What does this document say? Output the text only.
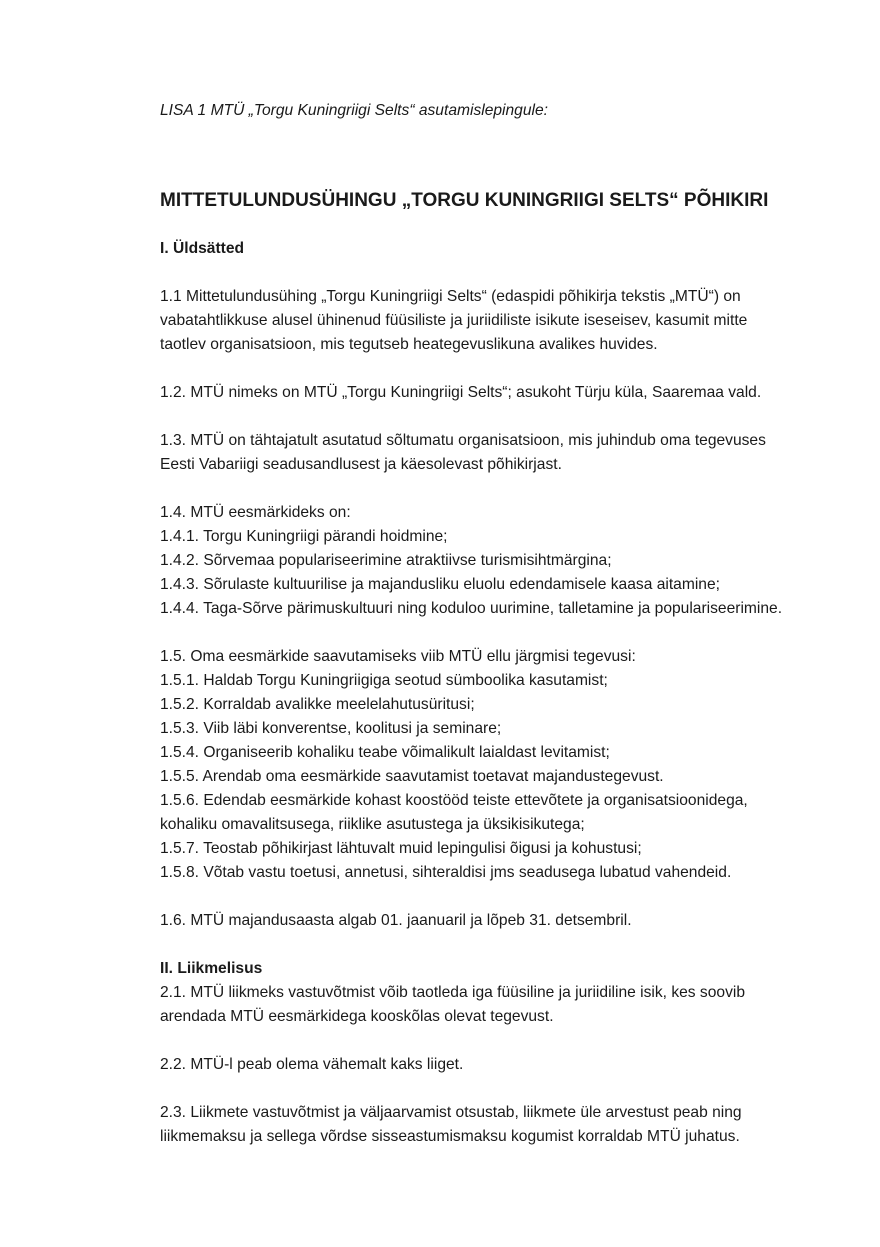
LISA 1 MTÜ „Torgu Kuningriigi Selts“ asutamislepingule:

MITTETULUNDUSÜHINGU „TORGU KUNINGRIIGI SELTS“ PÕHIKIRI

I. Üldsätted

1.1 Mittetulundusühing „Torgu Kuningriigi Selts“ (edaspidi põhikirja tekstis „MTÜ“) on

vabatahtlikkuse alusel ühinenud füüsiliste ja juriidiliste isikute iseseisev, kasumit mitte

taotlev organisatsioon, mis tegutseb heategevuslikuna avalikes huvides.

1.2. MTÜ nimeks on MTÜ „Torgu Kuningriigi Selts“; asukoht Türju küla, Saaremaa vald.

1.3. MTÜ on tähtajatult asutatud sõltumatu organisatsioon, mis juhindub oma tegevuses

Eesti Vabariigi seadusandlusest ja käesolevast põhikirjast.

1.4. MTÜ eesmärkideks on:

1.4.1. Torgu Kuningriigi pärandi hoidmine;

1.4.2. Sõrvemaa populariseerimine atraktiivse turismisihtmärgina;

1.4.3. Sõrulaste kultuurilise ja majandusliku eluolu edendamisele kaasa aitamine;

1.4.4. Taga-Sõrve pärimuskultuuri ning koduloo uurimine, talletamine ja populariseerimine.

1.5. Oma eesmärkide saavutamiseks viib MTÜ ellu järgmisi tegevusi:

1.5.1. Haldab Torgu Kuningriigiga seotud sümboolika kasutamist;

1.5.2. Korraldab avalikke meelelahutusüritusi;

1.5.3. Viib läbi konverentse, koolitusi ja seminare;

1.5.4. Organiseerib kohaliku teabe võimalikult laialdast levitamist;

1.5.5. Arendab oma eesmärkide saavutamist toetavat majandustegevust.

1.5.6. Edendab eesmärkide kohast koostööd teiste ettevõtete ja organisatsioonidega,

kohaliku omavalitsusega, riiklike asutustega ja üksikisikutega;

1.5.7. Teostab põhikirjast lähtuvalt muid lepingulisi õigusi ja kohustusi;

1.5.8. Võtab vastu toetusi, annetusi, sihteraldisi jms seadusega lubatud vahendeid.

1.6. MTÜ majandusaasta algab 01. jaanuaril ja lõpeb 31. detsembril.

II. Liikmelisus

2.1. MTÜ liikmeks vastuvõtmist võib taotleda iga füüsiline ja juriidiline isik, kes soovib

arendada MTÜ eesmärkidega kooskõlas olevat tegevust.

2.2. MTÜ-l peab olema vähemalt kaks liiget.

2.3. Liikmete vastuvõtmist ja väljaarvamist otsustab, liikmete üle arvestust peab ning

liikmemaksu ja sellega võrdse sisseastumismaksu kogumist korraldab MTÜ juhatus.
